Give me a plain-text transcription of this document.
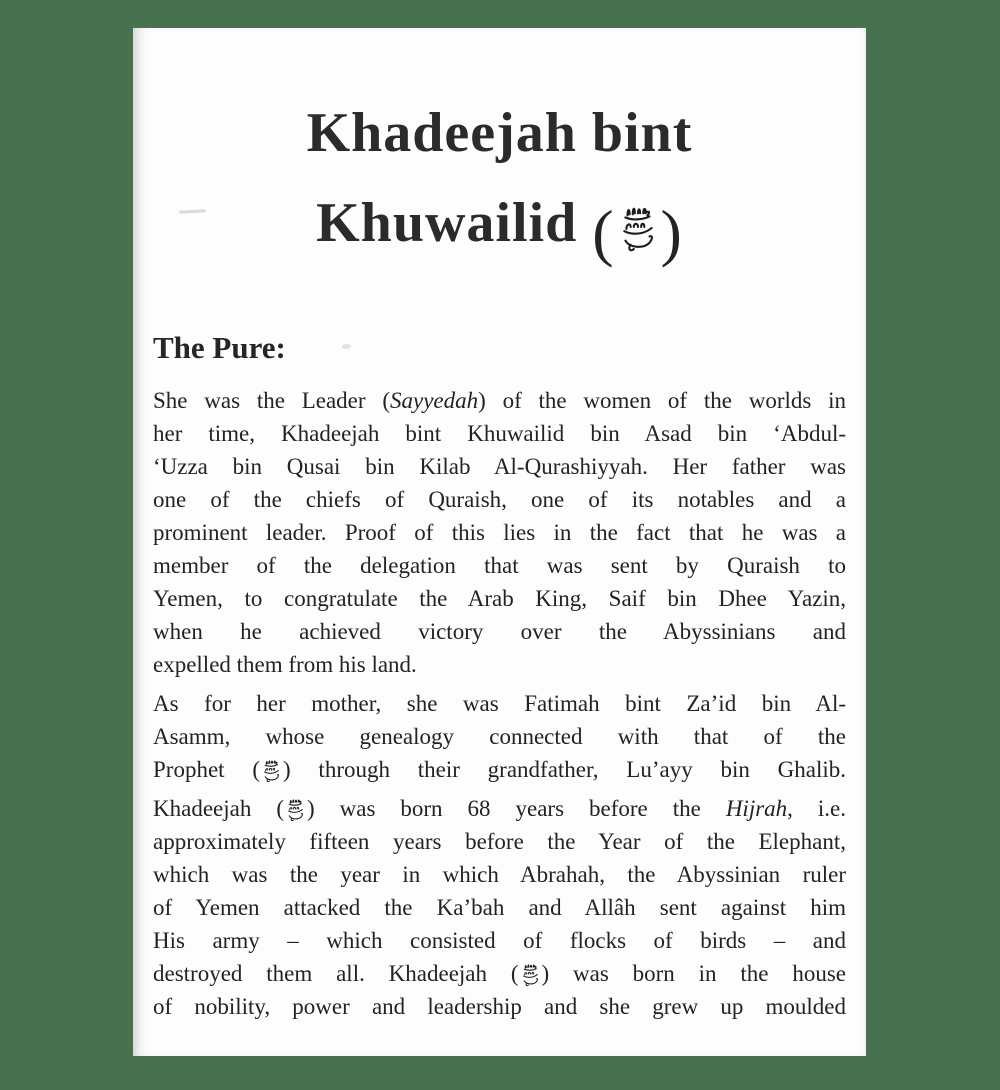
Khadeejah bint
Khuwailid ( )
The Pure:
She was the Leader (Sayyedah) of the women of the worlds in
her time, Khadeejah bint Khuwailid bin Asad bin ‘Abdul-
‘Uzza bin Qusai bin Kilab Al-Qurashiyyah. Her father was
one of the chiefs of Quraish, one of its notables and a
prominent leader. Proof of this lies in the fact that he was a
member of the delegation that was sent by Quraish to
Yemen, to congratulate the Arab King, Saif bin Dhee Yazin,
when he achieved victory over the Abyssinians and
expelled them from his land.
As for her mother, she was Fatimah bint Za’id bin Al-
Asamm, whose genealogy connected with that of the
Prophet ( ) through their grandfather, Lu’ayy bin Ghalib.
Khadeejah ( ) was born 68 years before the Hijrah, i.e.
approximately fifteen years before the Year of the Elephant,
which was the year in which Abrahah, the Abyssinian ruler
of Yemen attacked the Ka’bah and Allâh sent against him
His army – which consisted of flocks of birds – and
destroyed them all. Khadeejah ( ) was born in the house
of nobility, power and leadership and she grew up moulded
